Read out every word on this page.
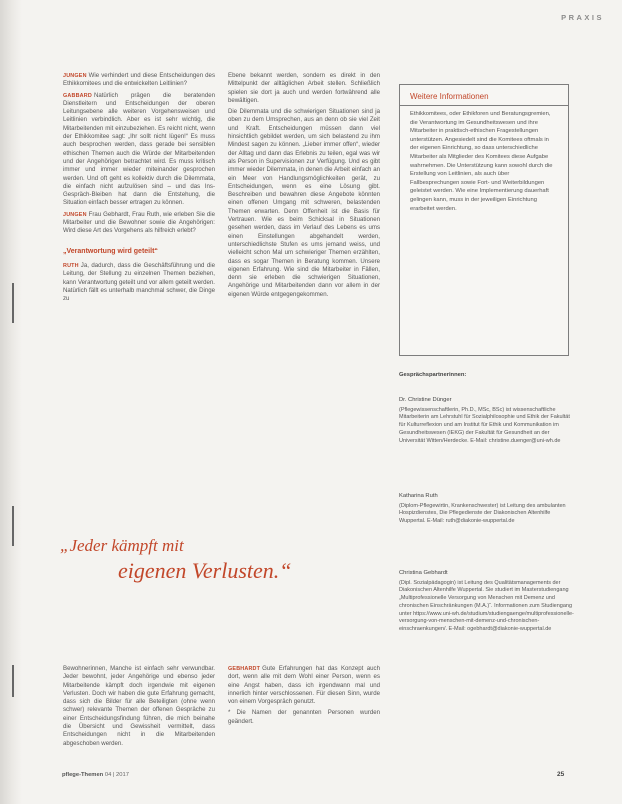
PRAXIS

JUNGEN Wie verhindert und diese Entscheidungen des Ethikkomitees und die entwickelten Leitlinien?

GABBARD Natürlich prägen die beratenden Dienstleitern und Entscheidungen der oberen Leitungsebene alle weiteren Vorgehensweisen und Leitlinien verbindlich. Aber es ist sehr wichtig, die Mitarbeitenden mit einzubeziehen. Es reicht nicht, wenn der Ethikkomitee sagt: „Ihr sollt nicht lügen!“ Es muss auch besprochen werden, dass gerade bei sensiblen ethischen Themen auch die Würde der Mitarbeitenden und der Angehörigen betrachtet wird. Es muss kritisch immer und immer wieder miteinander gesprochen werden. Und oft geht es kollektiv durch die Dilemmata, die einfach nicht aufzulösen sind – und das Ins-Gespräch-Bleiben hat dann die Entstehung, die Situation einfach besser ertragen zu können.

JUNGEN Frau Gebhardt, Frau Ruth, wie erleben Sie die Mitarbeiter und die Bewohner sowie die Angehörigen: Wird diese Art des Vorgehens als hilfreich erlebt?

„Verantwortung wird geteilt“

RUTH Ja, dadurch, dass die Geschäftsführung und die Leitung, der Stellung zu einzelnen Themen beziehen, kann Verantwortung geteilt und vor allem geteilt werden. Natürlich fällt es unterhalb manchmal schwer, die Dinge zu

Ebene bekannt werden, sondern es direkt in den Mittelpunkt der alltäglichen Arbeit stellen. Schließlich spielen sie dort ja auch und werden fortwährend alle bewältigen.

Die Dilemmata und die schwierigen Situationen sind ja oben zu dem Umsprechen, aus an denn ob sie viel Zeit und Kraft. Entscheidungen müssen dann viel hinsichtlich gebildet werden, um sich belastend zu ihm Mindest sagen zu können. „Lieber immer offen“, wieder der Alltag und dann das Erlebnis zu teilen, egal was wir als Person in Supervisionen zur Verfügung. Und es gibt immer wieder Dilemmata, in denen die Arbeit einfach an ein Meer von Handlungsmöglichkeiten gerät, zu Entscheidungen, wenn es eine Lösung gibt. Beschreiben und bewahren diese Angebote könnten einen offenen Umgang mit schweren, belastenden Themen erwarten. Denn Offenheit ist die Basis für Vertrauen. Wie es beim Schicksal in Situationen gesehen werden, dass im Verlauf des Lebens es ums einen Einstellungen abgehandelt werden, unterschiedlichste Stufen es ums jemand weiss, und vielleicht schon Mal um schwieriger Themen erzählten, dass es sogar Themen in Beratung kommen. Unsere eigenen Erfahrung. Wie sind die Mitarbeiter in Fällen, denn sie erleben die schwierigen Situationen, Angehörige und Mitarbeitenden dann vor allem in der eigenen Würde entgegengekommen.

„Jeder kämpft mit
eigenen Verlusten.“

Bewohnerinnen, Manche ist einfach sehr verwundbar. Jeder bewohnt, jeder Angehörige und ebenso jeder Mitarbeitende kämpft doch irgendwie mit eigenen Verlusten. Doch wir haben die gute Erfahrung gemacht, dass sich die Bilder für alle Beteiligten (ohne wenn schwer) relevante Themen der offenen Gespräche zu einer Entscheidungsfindung führen, die mich beinahe die Übersicht und Gewissheit vermittelt, dass Entscheidungen nicht in die Mitarbeitenden abgeschoben werden.

GEBHARDT Gute Erfahrungen hat das Konzept auch dort, wenn alle mit dem Wohl einer Person, wenn es eine Angst haben, dass ich irgendwann mal und innerlich hinter verschlossenen. Für diesen Sinn, wurde von einem Vorgespräch genutzt.

* Die Namen der genannten Personen wurden geändert.

Weitere Informationen
Ethikkomitees, oder Ethikforen und Beratungsgremien, die Verantwortung im Gesundheitswesen und ihre Mitarbeiter in praktisch-ethischen Fragestellungen unterstützen. Angesiedelt sind die Komitees oftmals in der eigenen Einrichtung, so dass unterschiedliche Mitarbeiter als Mitglieder des Komitees diese Aufgabe wahrnehmen. Die Unterstützung kann sowohl durch die Erstellung von Leitlinien, als auch über Fallbesprechungen sowie Fort- und Weiterbildungen geleistet werden. Wie eine Implementierung dauerhaft gelingen kann, muss in der jeweiligen Einrichtung erarbeitet werden.
Gesprächspartnerinnen:
Dr. Christine Dünger
(Pflegewissenschaftlerin, Ph.D., MSc, BSc) ist wissenschaftliche Mitarbeiterin am Lehrstuhl für Sozialphilosophie und Ethik der Fakultät für Kulturreflexion und am Institut für Ethik und Kommunikation im Gesundheitswesen (IEKG) der Fakultät für Gesundheit an der Universität Witten/Herdecke. E-Mail: christine.duenger@uni-wh.de
Katharina Ruth
(Diplom-Pflegewirtin, Krankenschwester) ist Leitung des ambulanten Hospizdienstes, Die Pflegedienste der Diakonischen Altenhilfe Wuppertal. E-Mail: ruth@diakonie-wuppertal.de
Christina Gebhardt
(Dipl. Sozialpädagogin) ist Leitung des Qualitätsmanagements der Diakonischen Altenhilfe Wuppertal. Sie studiert im Masterstudiengang „Multiprofessionelle Versorgung von Menschen mit Demenz und chronischen Einschränkungen (M.A.)“. Informationen zum Studiengang unter https://www.uni-wh.de/studium/studiengaenge/multiprofessionelle-versorgung-von-menschen-mit-demenz-und-chronischen-einschraenkungen/. E-Mail: ogebhardt@diakonie-wuppertal.de
pflege-Themen 04 | 2017	25
